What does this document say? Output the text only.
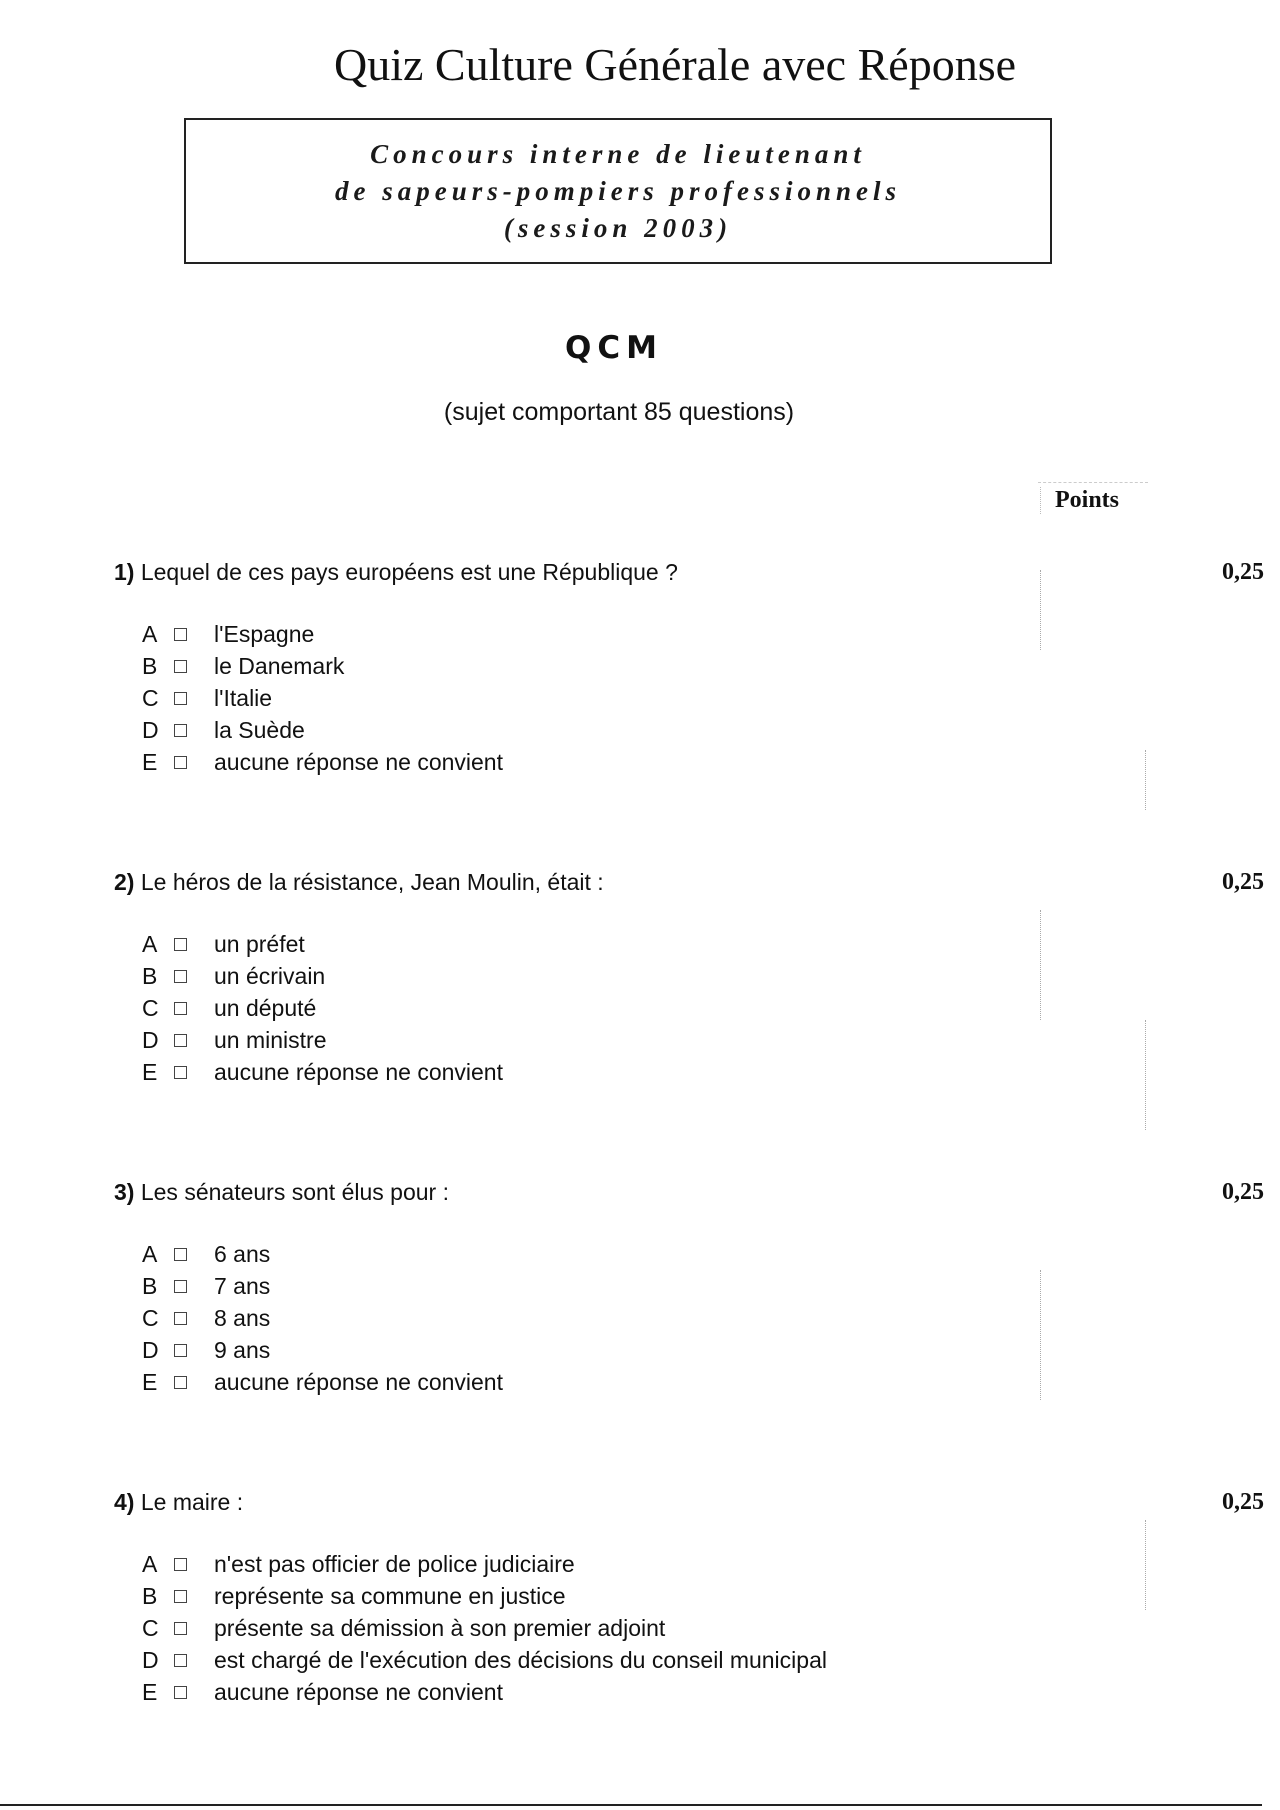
Quiz Culture Générale avec Réponse
Concours interne de lieutenant
de sapeurs-pompiers professionnels
(session 2003)
QCM
(sujet comportant 85 questions)
Points
1) Lequel de ces pays européens est une République ?	0,25
A	l'Espagne
B	le Danemark
C	l'Italie
D	la Suède
E	aucune réponse ne convient
2) Le héros de la résistance, Jean Moulin, était :	0,25
A	un préfet
B	un écrivain
C	un député
D	un ministre
E	aucune réponse ne convient
3) Les sénateurs sont élus pour :	0,25
A	6 ans
B	7 ans
C	8 ans
D	9 ans
E	aucune réponse ne convient
4) Le maire :	0,25
A	n'est pas officier de police judiciaire
B	représente sa commune en justice
C	présente sa démission à son premier adjoint
D	est chargé de l'exécution des décisions du conseil municipal
E	aucune réponse ne convient
